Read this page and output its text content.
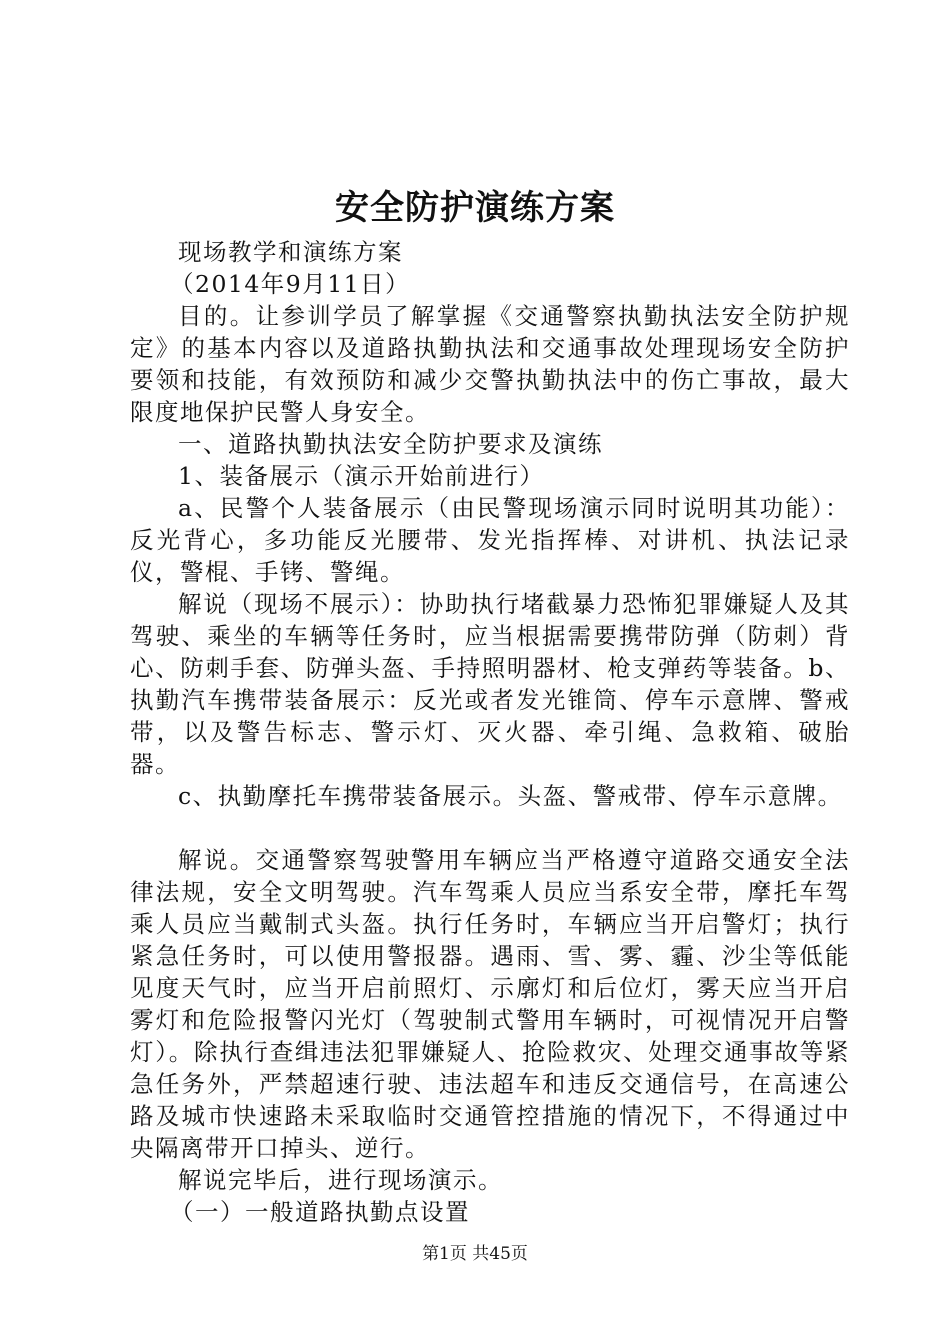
安全防护演练方案

现场教学和演练方案

（2014年9月11日）

目的。让参训学员了解掌握《交通警察执勤执法安全防护规定》的基本内容以及道路执勤执法和交通事故处理现场安全防护要领和技能，有效预防和减少交警执勤执法中的伤亡事故，最大限度地保护民警人身安全。

一、道路执勤执法安全防护要求及演练

1、装备展示（演示开始前进行）

a、民警个人装备展示（由民警现场演示同时说明其功能）：反光背心，多功能反光腰带、发光指挥棒、对讲机、执法记录仪，警棍、手铐、警绳。

解说（现场不展示）：协助执行堵截暴力恐怖犯罪嫌疑人及其驾驶、乘坐的车辆等任务时，应当根据需要携带防弹（防刺）背心、防刺手套、防弹头盔、手持照明器材、枪支弹药等装备。b、执勤汽车携带装备展示：反光或者发光锥筒、停车示意牌、警戒带，以及警告标志、警示灯、灭火器、牵引绳、急救箱、破胎器。

c、执勤摩托车携带装备展示。头盔、警戒带、停车示意牌。

解说。交通警察驾驶警用车辆应当严格遵守道路交通安全法律法规，安全文明驾驶。汽车驾乘人员应当系安全带，摩托车驾乘人员应当戴制式头盔。执行任务时，车辆应当开启警灯；执行紧急任务时，可以使用警报器。遇雨、雪、雾、霾、沙尘等低能见度天气时，应当开启前照灯、示廓灯和后位灯，雾天应当开启雾灯和危险报警闪光灯（驾驶制式警用车辆时，可视情况开启警灯）。除执行查缉违法犯罪嫌疑人、抢险救灾、处理交通事故等紧急任务外，严禁超速行驶、违法超车和违反交通信号，在高速公路及城市快速路未采取临时交通管控措施的情况下，不得通过中央隔离带开口掉头、逆行。

解说完毕后，进行现场演示。

（一）一般道路执勤点设置

第1页 共45页
